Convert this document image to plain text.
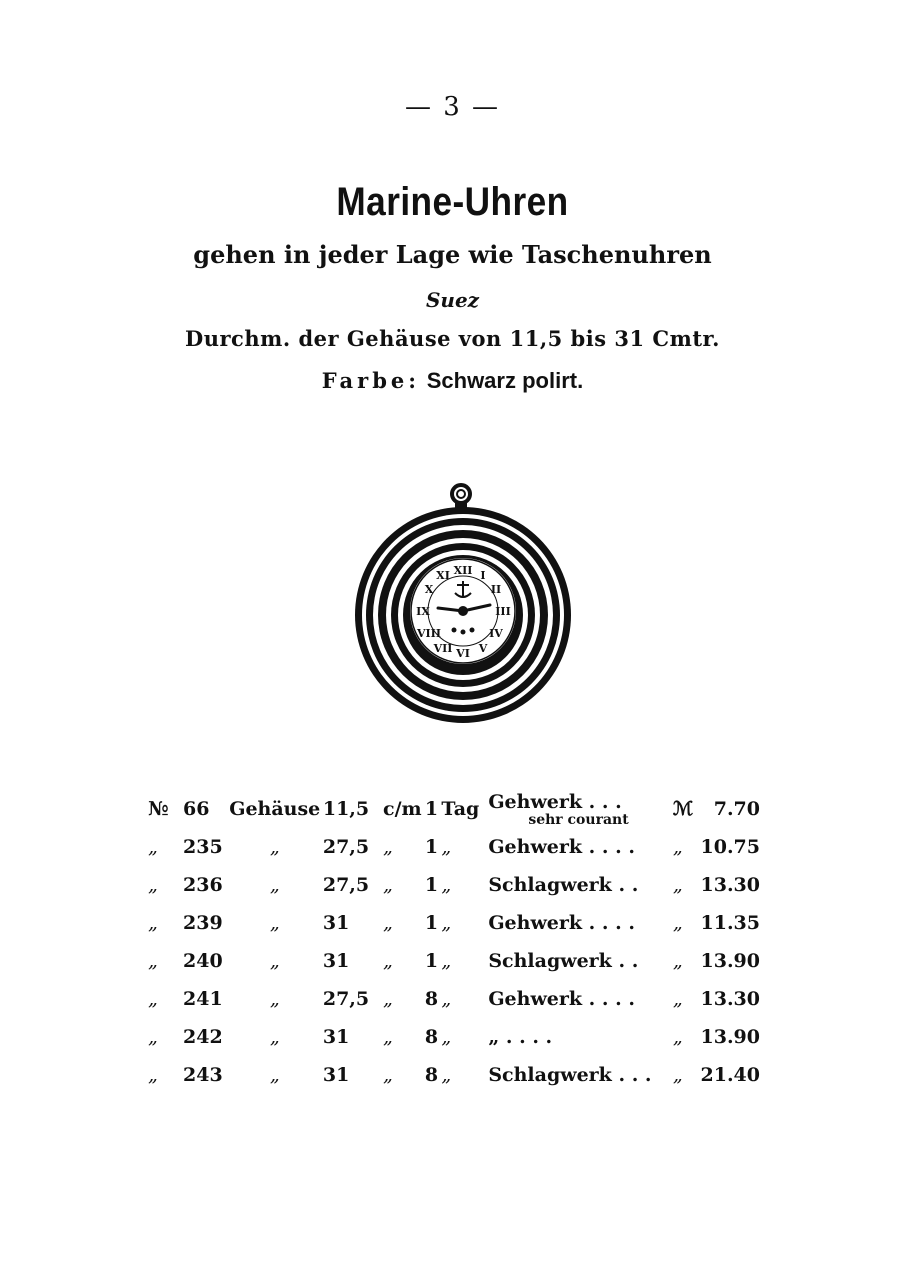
— 3 —
Marine-Uhren
gehen in jeder Lage wie Taschenuhren
Suez
Durchm. der Gehäuse von 11,5 bis 31 Cmtr.
Farbe: Schwarz polirt.
XII I
II
III
IV
V
VI
VII
VIII
IX
X
XI
№	66	Gehäuse	11,5	c/m	1	Tag	Gehwerk . . .
sehr courant	ℳ	7.70
„	235	„	27,5	„	1	„	Gehwerk . . . .	„	10.75
„	236	„	27,5	„	1	„	Schlagwerk . .	„	13.30
„	239	„	31	„	1	„	Gehwerk . . . .	„	11.35
„	240	„	31	„	1	„	Schlagwerk . .	„	13.90
„	241	„	27,5	„	8	„	Gehwerk . . . .	„	13.30
„	242	„	31	„	8	„	„ . . . .	„	13.90
„	243	„	31	„	8	„	Schlagwerk . . .	„	21.40
